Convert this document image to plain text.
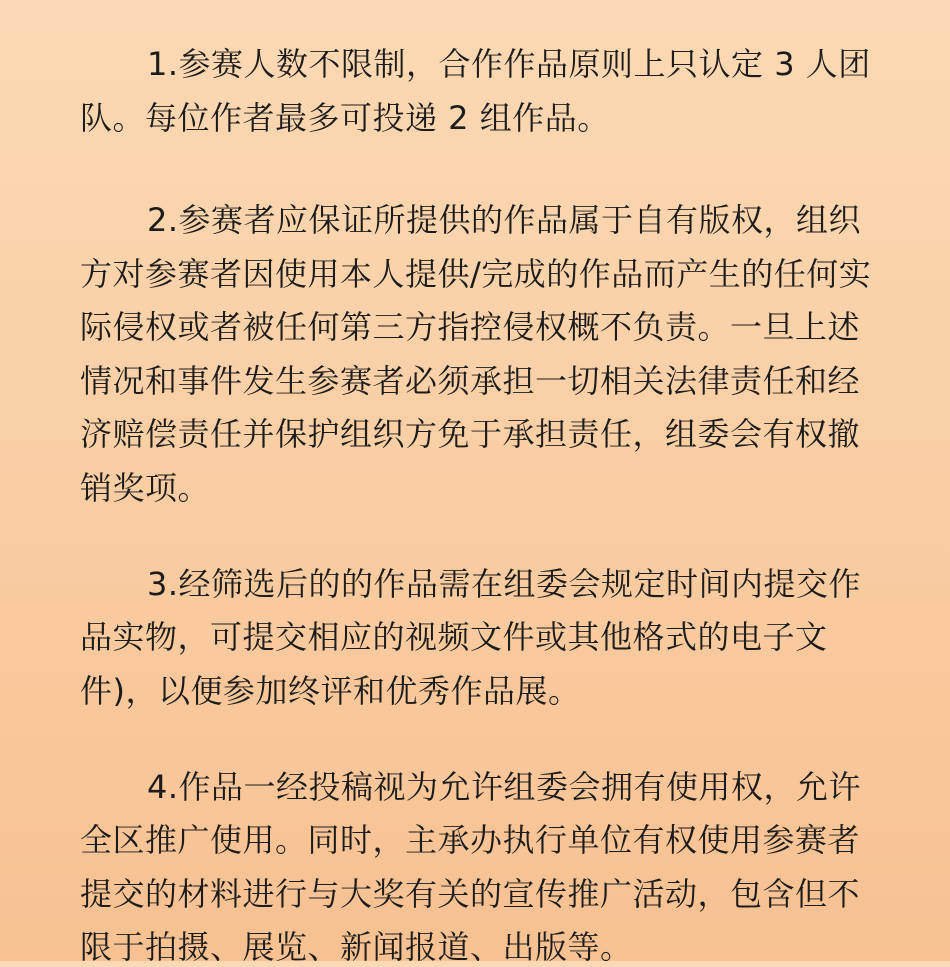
1.参赛人数不限制，合作作品原则上只认定 3 人团
队。每位作者最多可投递 2 组作品。
2.参赛者应保证所提供的作品属于自有版权，组织
方对参赛者因使用本人提供/完成的作品而产生的任何实
际侵权或者被任何第三方指控侵权概不负责。一旦上述
情况和事件发生参赛者必须承担一切相关法律责任和经
济赔偿责任并保护组织方免于承担责任，组委会有权撤
销奖项。
3.经筛选后的的作品需在组委会规定时间内提交作
品实物，可提交相应的视频文件或其他格式的电子文
件)，以便参加终评和优秀作品展。
4.作品一经投稿视为允许组委会拥有使用权，允许
全区推广使用。同时，主承办执行单位有权使用参赛者
提交的材料进行与大奖有关的宣传推广活动，包含但不
限于拍摄、展览、新闻报道、出版等。
